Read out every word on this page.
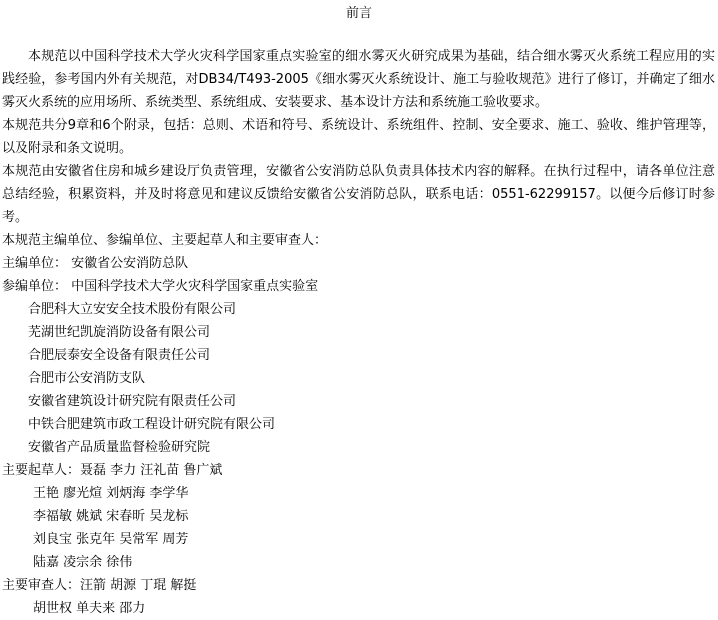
前言

本规范以中国科学技术大学火灾科学国家重点实验室的细水雾灭火研究成果为基础，结合细水雾灭火系统工程应用的实践经验，参考国内外有关规范，对DB34/T493-2005《细水雾灭火系统设计、施工与验收规范》进行了修订，并确定了细水雾灭火系统的应用场所、系统类型、系统组成、安装要求、基本设计方法和系统施工验收要求。

本规范共分9章和6个附录，包括：总则、术语和符号、系统设计、系统组件、控制、安全要求、施工、验收、维护管理等，以及附录和条文说明。

本规范由安徽省住房和城乡建设厅负责管理，安徽省公安消防总队负责具体技术内容的解释。在执行过程中，请各单位注意总结经验，积累资料，并及时将意见和建议反馈给安徽省公安消防总队，联系电话：0551-62299157。以便今后修订时参考。

本规范主编单位、参编单位、主要起草人和主要审查人：
主编单位： 安徽省公安消防总队
参编单位： 中国科学技术大学火灾科学国家重点实验室
合肥科大立安安全技术股份有限公司
芜湖世纪凯旋消防设备有限公司
合肥辰泰安全设备有限责任公司
合肥市公安消防支队
安徽省建筑设计研究院有限责任公司
中铁合肥建筑市政工程设计研究院有限公司
安徽省产品质量监督检验研究院
主要起草人：聂磊 李力 汪礼苗 鲁广斌
王艳 廖光煊 刘炳海 李学华
李福敏 姚斌 宋春昕 吴龙标
刘良宝 张克年 吴常军 周芳
陆嘉 凌宗余 徐伟
主要审查人：汪箭 胡源 丁琨 解挺
胡世权 单夫来 邵力
